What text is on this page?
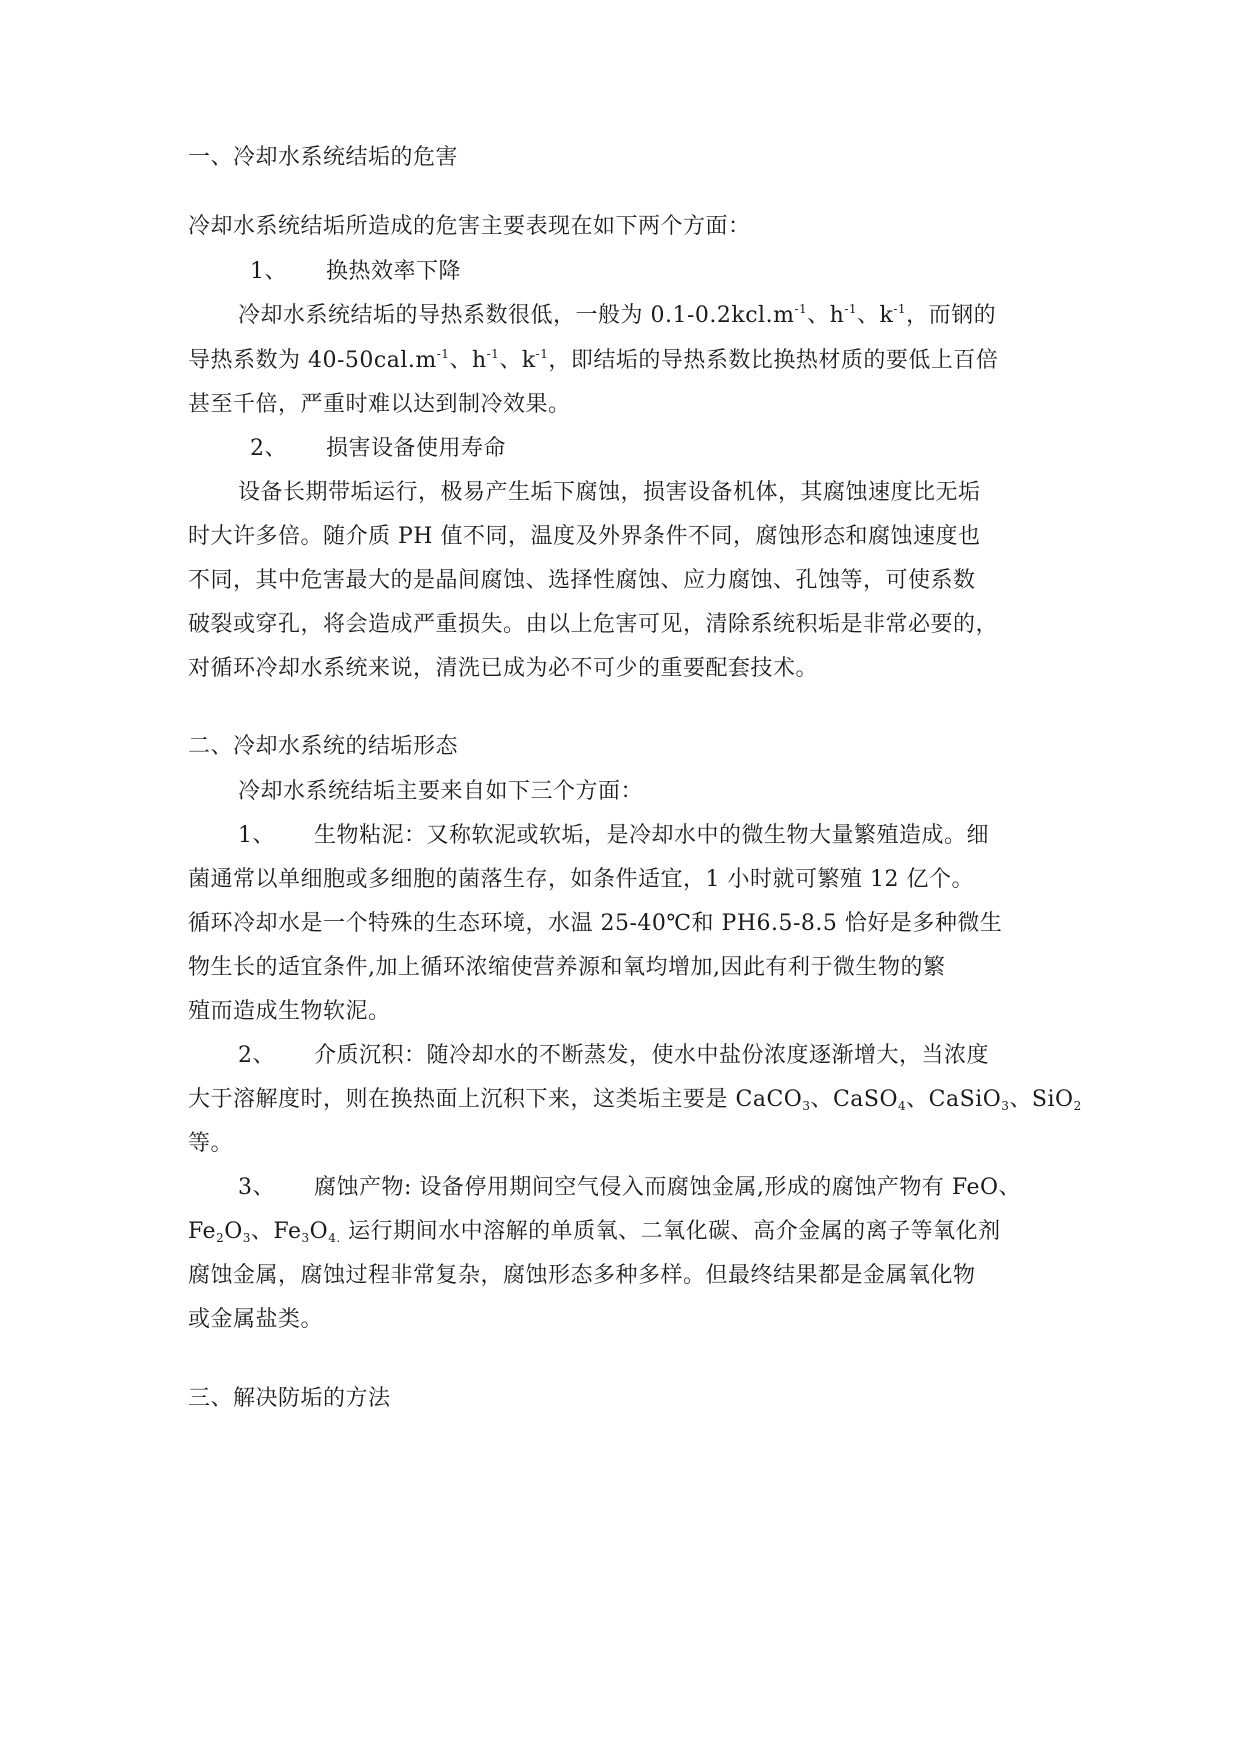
一、冷却水系统结垢的危害
冷却水系统结垢所造成的危害主要表现在如下两个方面：
1、 换热效率下降
冷却水系统结垢的导热系数很低，一般为 $0.1-0.2kcl.m^{-1}$、$h^{-1}$、$k^{-1}$，而钢的
导热系数为 $40-50cal.m^{-1}$、$h^{-1}$、$k^{-1}$，即结垢的导热系数比换热材质的要低上百倍
甚至千倍，严重时难以达到制冷效果。
2、 损害设备使用寿命
设备长期带垢运行，极易产生垢下腐蚀，损害设备机体，其腐蚀速度比无垢
时大许多倍。随介质 PH 值不同，温度及外界条件不同，腐蚀形态和腐蚀速度也
不同，其中危害最大的是晶间腐蚀、选择性腐蚀、应力腐蚀、孔蚀等，可使系数
破裂或穿孔，将会造成严重损失。由以上危害可见，清除系统积垢是非常必要的，
对循环冷却水系统来说，清洗已成为必不可少的重要配套技术。
二、冷却水系统的结垢形态
冷却水系统结垢主要来自如下三个方面：
1、 生物粘泥：又称软泥或软垢，是冷却水中的微生物大量繁殖造成。细
菌通常以单细胞或多细胞的菌落生存，如条件适宜，1 小时就可繁殖 12 亿个。
循环冷却水是一个特殊的生态环境，水温 25-40℃和 PH6.5-8.5 恰好是多种微生
物生长的适宜条件,加上循环浓缩使营养源和氧均增加,因此有利于微生物的繁
殖而造成生物软泥。
2、 介质沉积：随冷却水的不断蒸发，使水中盐份浓度逐渐增大，当浓度
大于溶解度时，则在换热面上沉积下来，这类垢主要是 CaCO$_3$、CaSO$_4$、CaSiO$_3$、SiO$_2$
等。
3、 腐蚀产物: 设备停用期间空气侵入而腐蚀金属,形成的腐蚀产物有 FeO、
$Fe_2O_3$、$Fe_3O_{4.}$ 运行期间水中溶解的单质氧、二氧化碳、高介金属的离子等氧化剂
腐蚀金属，腐蚀过程非常复杂，腐蚀形态多种多样。但最终结果都是金属氧化物
或金属盐类。
三、解决防垢的方法
